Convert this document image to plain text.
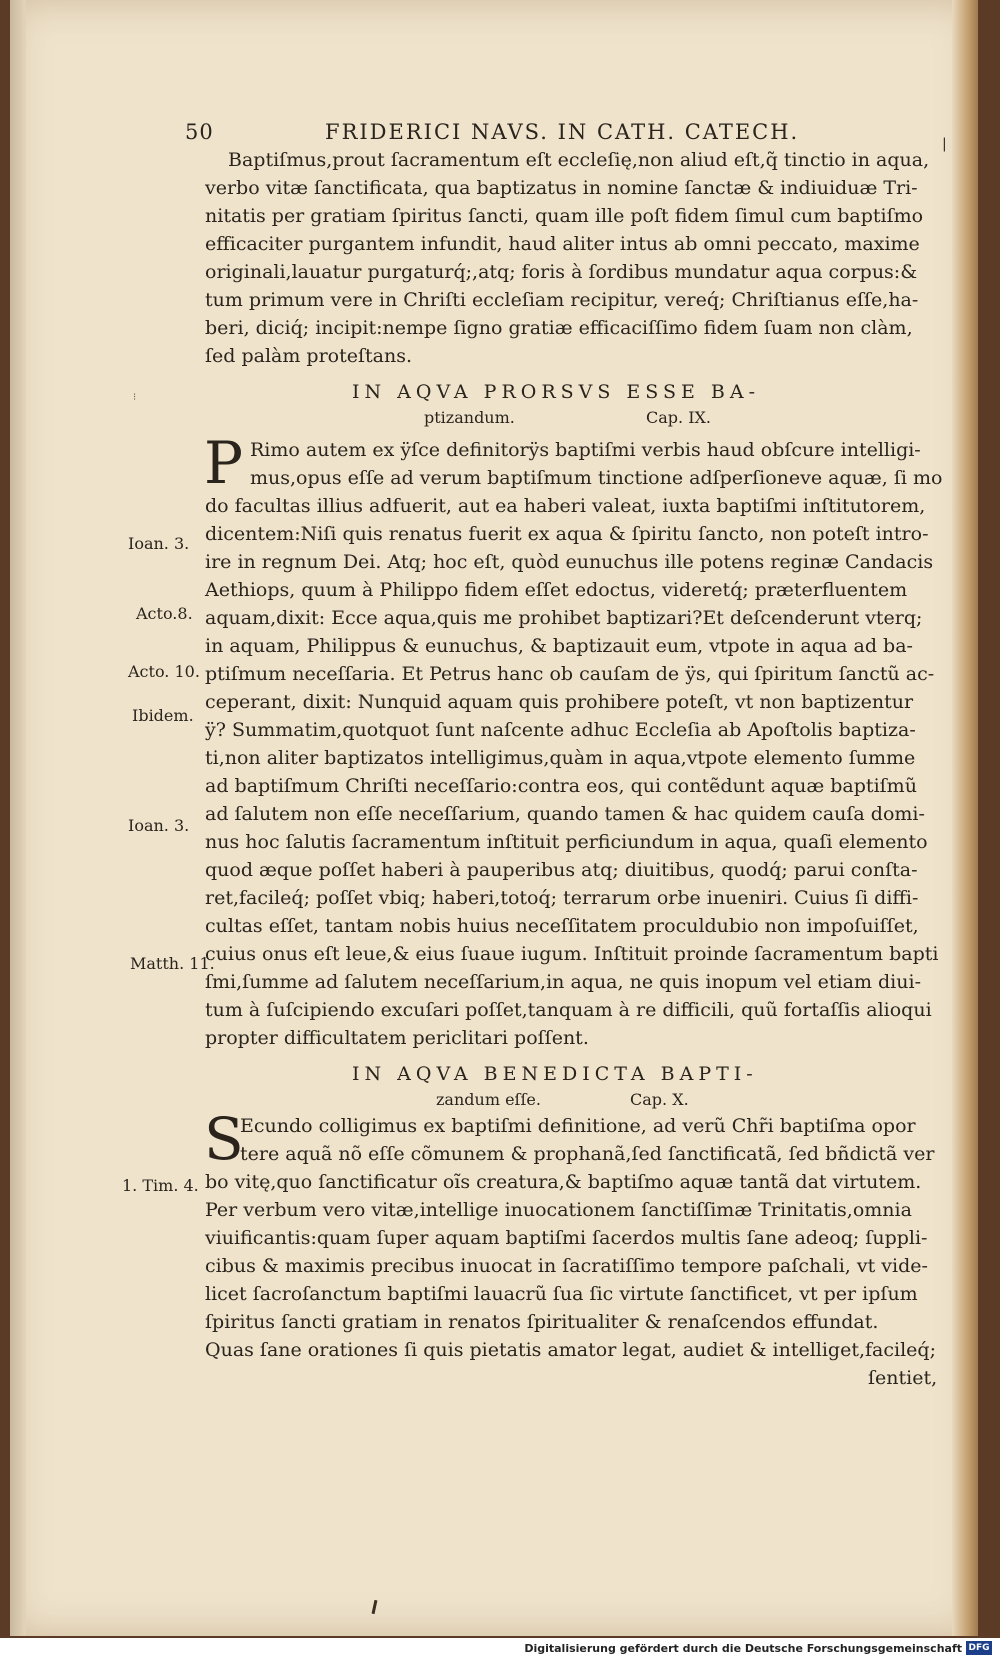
50	FRIDERICI NAVS. IN CATH. CATECH.	|
⁝
Baptiſmus,prout ſacramentum eſt eccleſię,non aliud eſt,q̃ tinctio in aqua,
verbo vitæ ſanctificata, qua baptizatus in nomine ſanctæ & indiuiduæ Tri-
nitatis per gratiam ſpiritus ſancti, quam ille poſt fidem ſimul cum baptiſmo
efficaciter purgantem infundit, haud aliter intus ab omni peccato, maxime
originali,lauatur purgaturq́;,atq; foris à ſordibus mundatur aqua corpus:&
tum primum vere in Chriſti eccleſiam recipitur, vereq́; Chriſtianus eſſe,ha-
beri, diciq́; incipit:nempe ſigno gratiæ efficaciſſimo fidem ſuam non clàm,
ſed palàm proteſtans.
IN AQVA PRORSVS ESSE BA-
ptizandum.	Cap. IX.
P Rimo autem ex ÿſce definitorÿs baptiſmi verbis haud obſcure intelligi-
mus,opus eſſe ad verum baptiſmum tinctione adſperſioneve aquæ, ſi mo
do facultas illius adfuerit, aut ea haberi valeat, iuxta baptiſmi inſtitutorem,
dicentem:Niſi quis renatus fuerit ex aqua & ſpiritu ſancto, non poteſt intro-
ire in regnum Dei. Atq; hoc eſt, quòd eunuchus ille potens reginæ Candacis
Aethiops, quum à Philippo fidem eſſet edoctus, videretq́; præterfluentem
aquam,dixit: Ecce aqua,quis me prohibet baptizari?Et deſcenderunt vterq;
in aquam, Philippus & eunuchus, & baptizauit eum, vtpote in aqua ad ba-
ptiſmum neceſſaria. Et Petrus hanc ob cauſam de ÿs, qui ſpiritum ſanctũ ac-
ceperant, dixit: Nunquid aquam quis prohibere poteſt, vt non baptizentur
ÿ? Summatim,quotquot ſunt naſcente adhuc Eccleſia ab Apoſtolis baptiza-
ti,non aliter baptizatos intelligimus,quàm in aqua,vtpote elemento ſumme
ad baptiſmum Chriſti neceſſario:contra eos, qui contẽdunt aquæ baptiſmũ
ad ſalutem non eſſe neceſſarium, quando tamen & hac quidem cauſa domi-
nus hoc ſalutis ſacramentum inſtituit perficiundum in aqua, quaſi elemento
quod æque poſſet haberi à pauperibus atq; diuitibus, quodq́; parui conſta-
ret,facileq́; poſſet vbiq; haberi,totoq́; terrarum orbe inueniri. Cuius ſi diffi-
cultas eſſet, tantam nobis huius neceſſitatem proculdubio non impoſuiſſet,
cuius onus eſt leue,& eius ſuaue iugum. Inſtituit proinde ſacramentum bapti
ſmi,ſumme ad ſalutem neceſſarium,in aqua, ne quis inopum vel etiam diui-
tum à ſuſcipiendo excuſari poſſet,tanquam à re difficili, quũ fortaſſis alioqui
propter difficultatem periclitari poſſent.
IN AQVA BENEDICTA BAPTI-
zandum eſſe.	Cap. X.
S
Ecundo colligimus ex baptiſmi definitione, ad verũ Chr̃i baptiſma opor
tere aquã nõ eſſe cõmunem & prophanã,ſed ſanctificatã, ſed bñdictã ver
bo vitę,quo ſanctificatur oĩs creatura,& baptiſmo aquæ tantã dat virtutem.
Per verbum vero vitæ,intellige inuocationem ſanctiſſimæ Trinitatis,omnia
viuificantis:quam ſuper aquam baptiſmi ſacerdos multis ſane adeoq; ſuppli-
cibus & maximis precibus inuocat in ſacratiſſimo tempore paſchali, vt vide-
licet ſacroſanctum baptiſmi lauacrũ ſua ſic virtute ſanctificet, vt per ipſum
ſpiritus ſancti gratiam in renatos ſpiritualiter & renaſcendos effundat.
Quas ſane orationes ſi quis pietatis amator legat, audiet & intelliget,facileq́;
ſentiet,
Ioan. 3.
Acto.8.
Acto. 10.
Ibidem.
Ioan. 3.
Matth. 11.
1. Tim. 4.
Digitalisierung gefördert durch die Deutsche Forschungsgemeinschaft DFG
